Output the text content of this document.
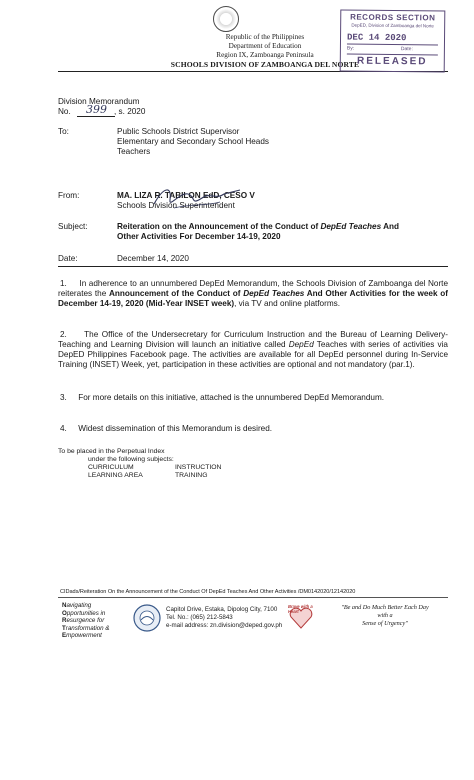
Republic of the Philippines
Department of Education
Region IX, Zamboanga Peninsula
SCHOOLS DIVISION OF ZAMBOANGA DEL NORTE
RECORDS SECTION
DepED, Division of Zamboanga del Norte
DEC 14 2020
By:	Date:
RELEASED
Division Memorandum
No. 399 , s. 2020
To:	Public Schools District Supervisor
Elementary and Secondary School Heads
Teachers
From:	MA. LIZA R. TABILON EdD, CESO V
Schools Division Superintendent
Subject:	Reiteration on the Announcement of the Conduct of DepEd Teaches And Other Activities For December 14-19, 2020
Date:	December 14, 2020
1. In adherence to an unnumbered DepEd Memorandum, the Schools Division of Zamboanga del Norte reiterates the Announcement of the Conduct of DepEd Teaches And Other Activities for the week of December 14-19, 2020 (Mid-Year INSET week), via TV and online platforms.
2. The Office of the Undersecretary for Curriculum Instruction and the Bureau of Learning Delivery-Teaching and Learning Division will launch an initiative called DepEd Teaches with series of activities via DepED Philippines Facebook page. The activities are available for all DepEd personnel during In-Service Training (INSET) Week, yet, participation in these activities are optional and not mandatory (par.1).
3. For more details on this initiative, attached is the unnumbered DepEd Memorandum.
4. Widest dissemination of this Memorandum is desired.
To be placed in the Perpetual Index
under the following subjects:
CURRICULUM	INSTRUCTION
LEARNING AREA	TRAINING
CIDads/Reiteration On the Announcement of the Conduct Of DepEd Teaches And Other Activities /DM0142020/12142020
Navigating
Opportunities in
Resurgence for
Transformation &
Empowerment
Capitol Drive, Estaka, Dipolog City, 7100
Tel. No.: (065) 212-5843
e-mail address: zn.division@deped.gov.ph
Brave with a Heart
"Be and Do Much Better Each Day
with a
Sense of Urgency"
